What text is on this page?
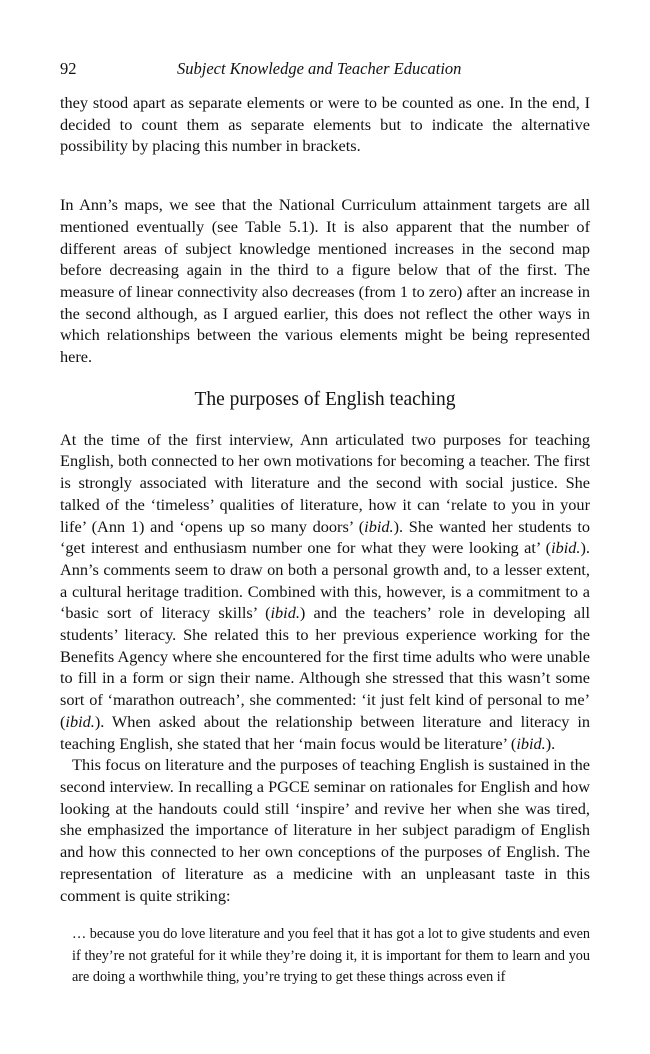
92	Subject Knowledge and Teacher Education

they stood apart as separate elements or were to be counted as one. In the end, I decided to count them as separate elements but to indicate the alternative possibility by placing this number in brackets.

In Ann’s maps, we see that the National Curriculum attainment targets are all mentioned eventually (see Table 5.1). It is also apparent that the number of different areas of subject knowledge mentioned increases in the second map before decreasing again in the third to a figure below that of the first. The measure of linear connectivity also decreases (from 1 to zero) after an increase in the second although, as I argued earlier, this does not reflect the other ways in which relationships between the various elements might be being represented here.

The purposes of English teaching

At the time of the first interview, Ann articulated two purposes for teaching English, both connected to her own motivations for becoming a teacher. The first is strongly associated with literature and the second with social justice. She talked of the ‘timeless’ qualities of literature, how it can ‘relate to you in your life’ (Ann 1) and ‘opens up so many doors’ (ibid.). She wanted her students to ‘get interest and enthusiasm number one for what they were looking at’ (ibid.). Ann’s comments seem to draw on both a personal growth and, to a lesser extent, a cultural heritage tradition. Combined with this, however, is a commitment to a ‘basic sort of literacy skills’ (ibid.) and the teachers’ role in developing all students’ literacy. She related this to her previous experience working for the Benefits Agency where she encountered for the first time adults who were unable to fill in a form or sign their name. Although she stressed that this wasn’t some sort of ‘marathon outreach’, she commented: ‘it just felt kind of personal to me’ (ibid.). When asked about the relationship between literature and literacy in teaching English, she stated that her ‘main focus would be literature’ (ibid.).

This focus on literature and the purposes of teaching English is sustained in the second interview. In recalling a PGCE seminar on rationales for English and how looking at the handouts could still ‘inspire’ and revive her when she was tired, she emphasized the importance of literature in her subject paradigm of English and how this connected to her own conceptions of the purposes of English. The representation of literature as a medicine with an unpleasant taste in this comment is quite striking:

… because you do love literature and you feel that it has got a lot to give students and even if they’re not grateful for it while they’re doing it, it is important for them to learn and you are doing a worthwhile thing, you’re trying to get these things across even if
